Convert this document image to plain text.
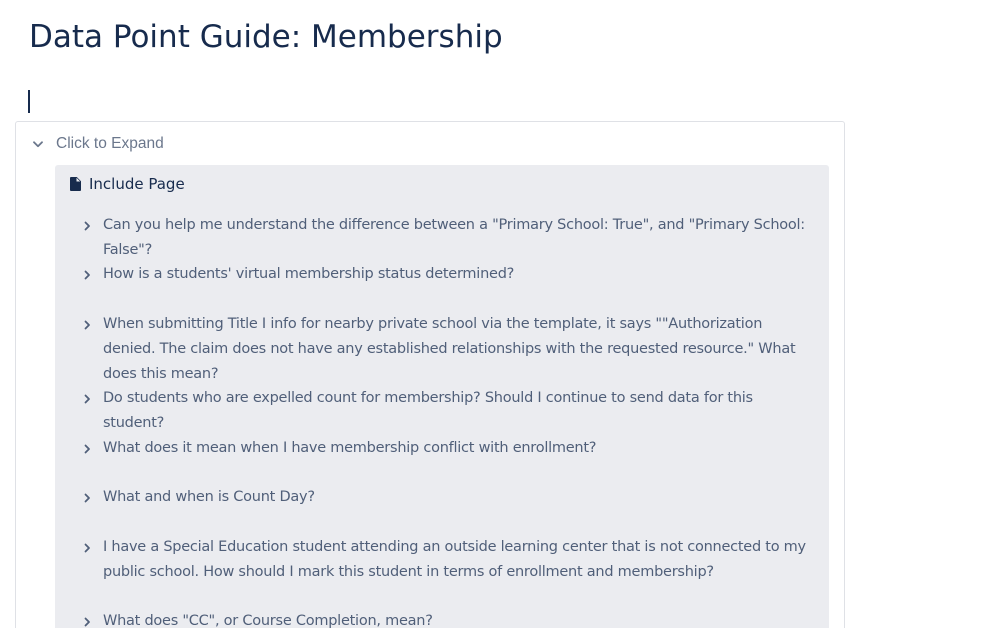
Data Point Guide: Membership
Click to Expand
Include Page
Can you help me understand the difference between a "Primary School: True", and "Primary School: False"?
How is a students' virtual membership status determined?
When submitting Title I info for nearby private school via the template, it says ""Authorization denied. The claim does not have any established relationships with the requested resource." What does this mean?
Do students who are expelled count for membership? Should I continue to send data for this student?
What does it mean when I have membership conflict with enrollment?
What and when is Count Day?
I have a Special Education student attending an outside learning center that is not connected to my public school. How should I mark this student in terms of enrollment and membership?
What does "CC", or Course Completion, mean?
